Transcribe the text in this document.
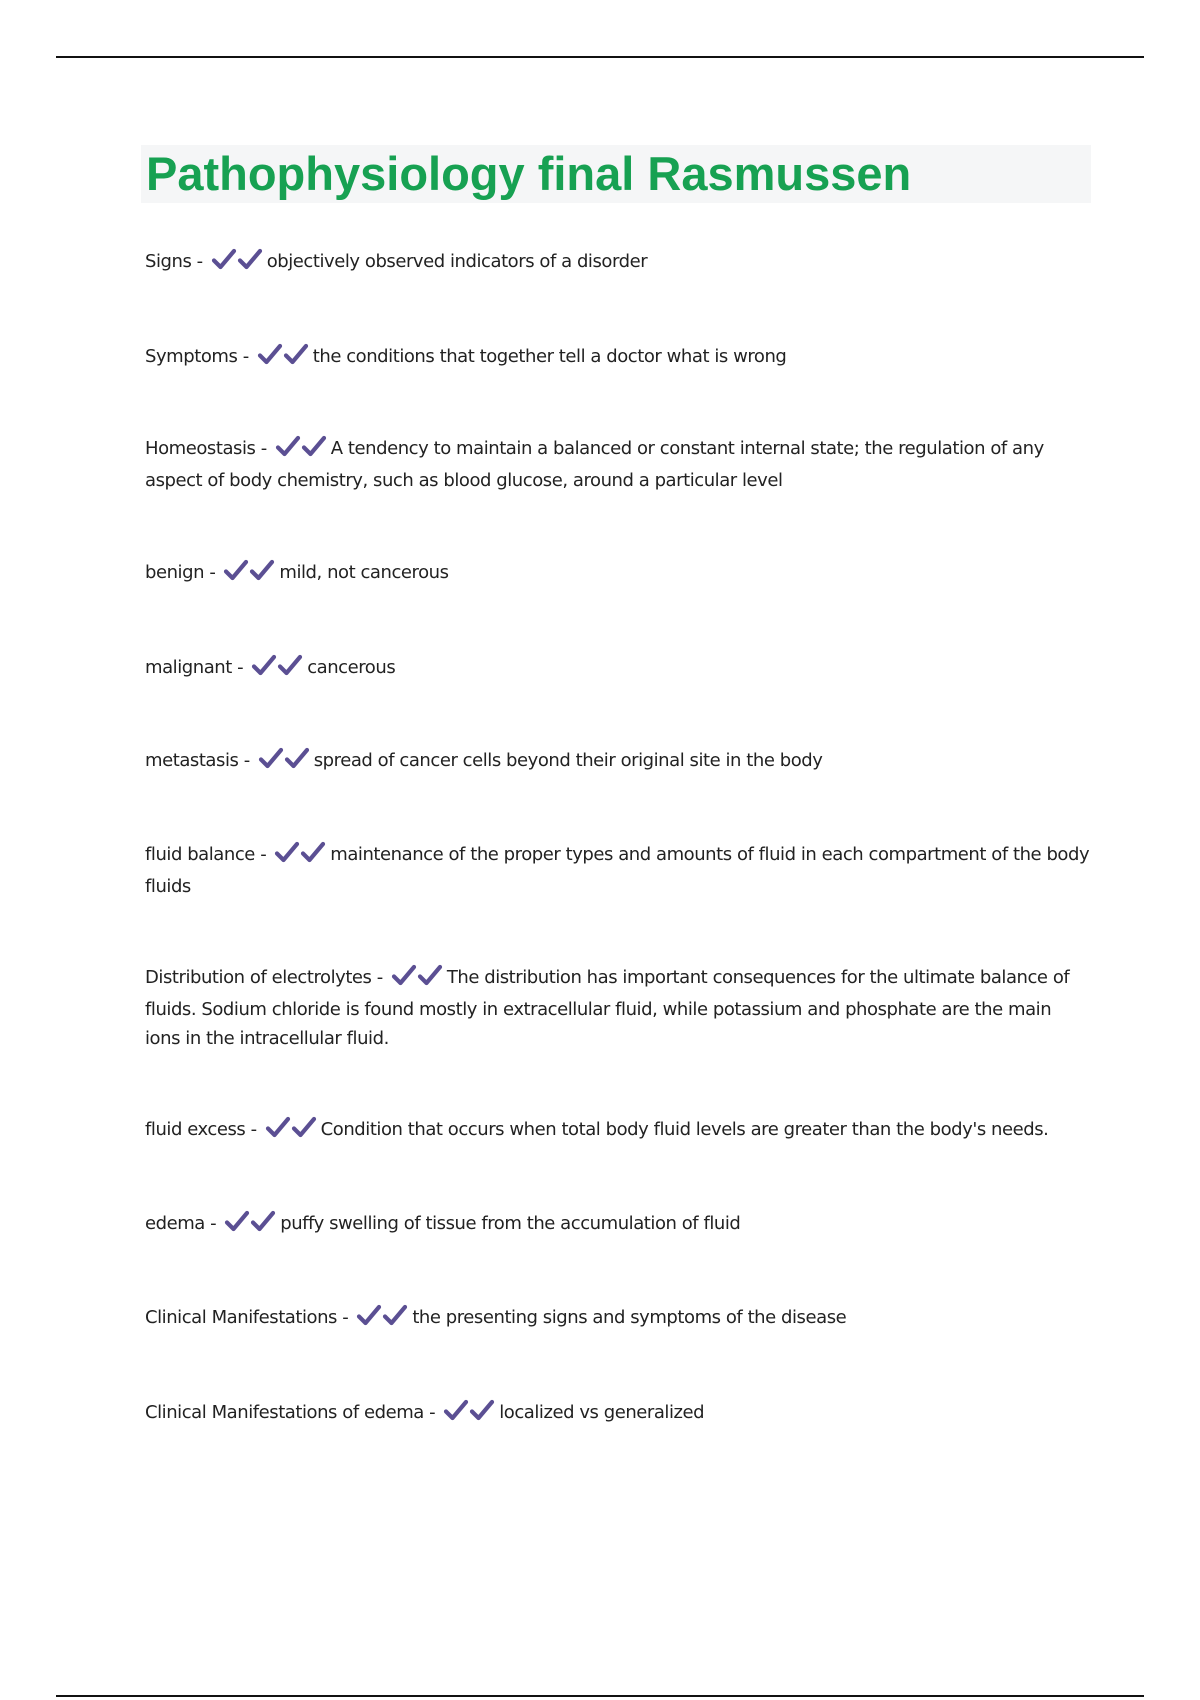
Pathophysiology final Rasmussen
Signs -	objectively observed indicators of a disorder
Symptoms -	the conditions that together tell a doctor what is wrong
Homeostasis -	A tendency to maintain a balanced or constant internal state; the regulation of any aspect of body chemistry, such as blood glucose, around a particular level
benign -	mild, not cancerous
malignant -	cancerous
metastasis -	spread of cancer cells beyond their original site in the body
fluid balance -	maintenance of the proper types and amounts of fluid in each compartment of the body fluids
Distribution of electrolytes -	The distribution has important consequences for the ultimate balance of fluids. Sodium chloride is found mostly in extracellular fluid, while potassium and phosphate are the main ions in the intracellular fluid.
fluid excess -	Condition that occurs when total body fluid levels are greater than the body's needs.
edema -	puffy swelling of tissue from the accumulation of fluid
Clinical Manifestations -	the presenting signs and symptoms of the disease
Clinical Manifestations of edema -	localized vs generalized
